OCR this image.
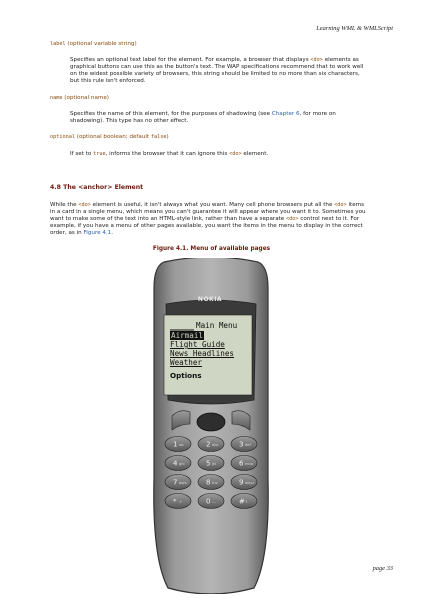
Learning WML & WMLScript
label (optional variable string)
Specifies an optional text label for the element. For example, a browser that displays <do> elements as
graphical buttons can use this as the button's text. The WAP specifications recommend that to work well
on the widest possible variety of browsers, this string should be limited to no more than six characters,
but this rule isn't enforced.
name (optional name)
Specifies the name of this element, for the purposes of shadowing (see Chapter 6, for more on
shadowing). This type has no other effect.
optional (optional boolean; default false)
If set to true, informs the browser that it can ignore this <do> element.
4.8 The <anchor> Element
While the <do> element is useful, it isn't always what you want. Many cell phone browsers put all the <do> items
in a card in a single menu, which means you can't guarantee it will appear where you want it to. Sometimes you
want to make some of the text into an HTML-style link, rather than have a separate <do> control next to it. For
example, if you have a menu of other pages available, you want the items in the menu to display in the correct
order, as in Figure 4.1.
Figure 4.1. Menu of available pages
1 oo	2 abc	3 def
4 ghi	5 jkl	6 mno
7 pqrs	8 tuv	9 wxyz
* +	0 —	# ⇧
NOKIA
Main Menu
Airmail
Flight Guide
News Headlines
Weather
Options
page 33
